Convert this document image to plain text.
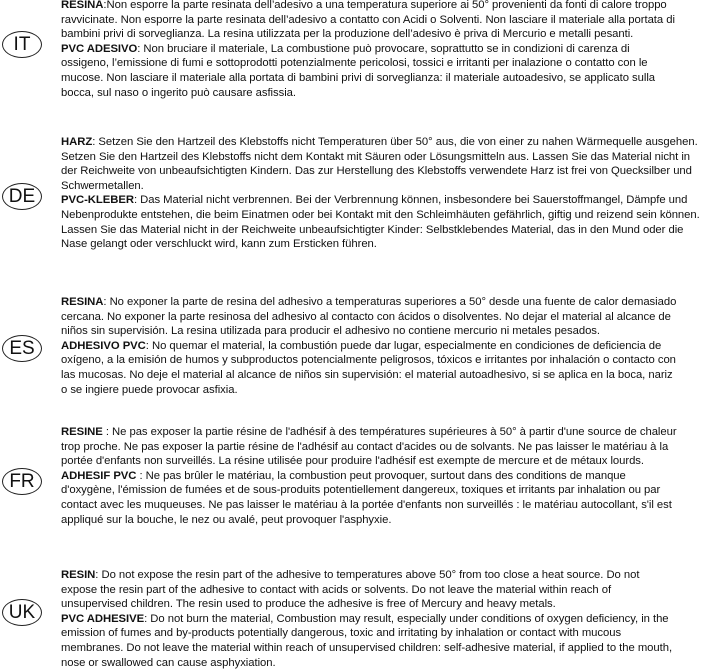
IT

RESINA:Non esporre la parte resinata dell’adesivo a una temperatura superiore ai 50° provenienti da fonti di calore troppo

ravvicinate. Non esporre la parte resinata dell’adesivo a contatto con Acidi o Solventi. Non lasciare il materiale alla portata di

bambini privi di sorveglianza. La resina utilizzata per la produzione dell’adesivo è priva di Mercurio e metalli pesanti.

PVC ADESIVO: Non bruciare il materiale, La combustione può provocare, soprattutto se in condizioni di carenza di

ossigeno, l’emissione di fumi e sottoprodotti potenzialmente pericolosi, tossici e irritanti per inalazione o contatto con le

mucose. Non lasciare il materiale alla portata di bambini privi di sorveglianza: il materiale autoadesivo, se applicato sulla

bocca, sul naso o ingerito può causare asfissia.

DE

HARZ: Setzen Sie den Hartzeil des Klebstoffs nicht Temperaturen über 50° aus, die von einer zu nahen Wärmequelle ausgehen.

Setzen Sie den Hartzeil des Klebstoffs nicht dem Kontakt mit Säuren oder Lösungsmitteln aus. Lassen Sie das Material nicht in

der Reichweite von unbeaufsichtigten Kindern. Das zur Herstellung des Klebstoffs verwendete Harz ist frei von Quecksilber und

Schwermetallen.

PVC-KLEBER: Das Material nicht verbrennen. Bei der Verbrennung können, insbesondere bei Sauerstoffmangel, Dämpfe und

Nebenprodukte entstehen, die beim Einatmen oder bei Kontakt mit den Schleimhäuten gefährlich, giftig und reizend sein können.

Lassen Sie das Material nicht in der Reichweite unbeaufsichtigter Kinder: Selbstklebendes Material, das in den Mund oder die

Nase gelangt oder verschluckt wird, kann zum Ersticken führen.

ES

RESINA: No exponer la parte de resina del adhesivo a temperaturas superiores a 50° desde una fuente de calor demasiado

cercana. No exponer la parte resinosa del adhesivo al contacto con ácidos o disolventes. No dejar el material al alcance de

niños sin supervisión. La resina utilizada para producir el adhesivo no contiene mercurio ni metales pesados.

ADHESIVO PVC: No quemar el material, la combustión puede dar lugar, especialmente en condiciones de deficiencia de

oxígeno, a la emisión de humos y subproductos potencialmente peligrosos, tóxicos e irritantes por inhalación o contacto con

las mucosas. No deje el material al alcance de niños sin supervisión: el material autoadhesivo, si se aplica en la boca, nariz

o se ingiere puede provocar asfixia.

FR

RESINE : Ne pas exposer la partie résine de l'adhésif à des températures supérieures à 50° à partir d'une source de chaleur

trop proche. Ne pas exposer la partie résine de l'adhésif au contact d'acides ou de solvants. Ne pas laisser le matériau à la

portée d'enfants non surveillés. La résine utilisée pour produire l'adhésif est exempte de mercure et de métaux lourds.

ADHESIF PVC : Ne pas brûler le matériau, la combustion peut provoquer, surtout dans des conditions de manque

d'oxygène, l'émission de fumées et de sous-produits potentiellement dangereux, toxiques et irritants par inhalation ou par

contact avec les muqueuses. Ne pas laisser le matériau à la portée d'enfants non surveillés : le matériau autocollant, s'il est

appliqué sur la bouche, le nez ou avalé, peut provoquer l'asphyxie.

UK

RESIN: Do not expose the resin part of the adhesive to temperatures above 50° from too close a heat source. Do not

expose the resin part of the adhesive to contact with acids or solvents. Do not leave the material within reach of

unsupervised children. The resin used to produce the adhesive is free of Mercury and heavy metals.

PVC ADHESIVE: Do not burn the material, Combustion may result, especially under conditions of oxygen deficiency, in the

emission of fumes and by-products potentially dangerous, toxic and irritating by inhalation or contact with mucous

membranes. Do not leave the material within reach of unsupervised children: self-adhesive material, if applied to the mouth,

nose or swallowed can cause asphyxiation.
